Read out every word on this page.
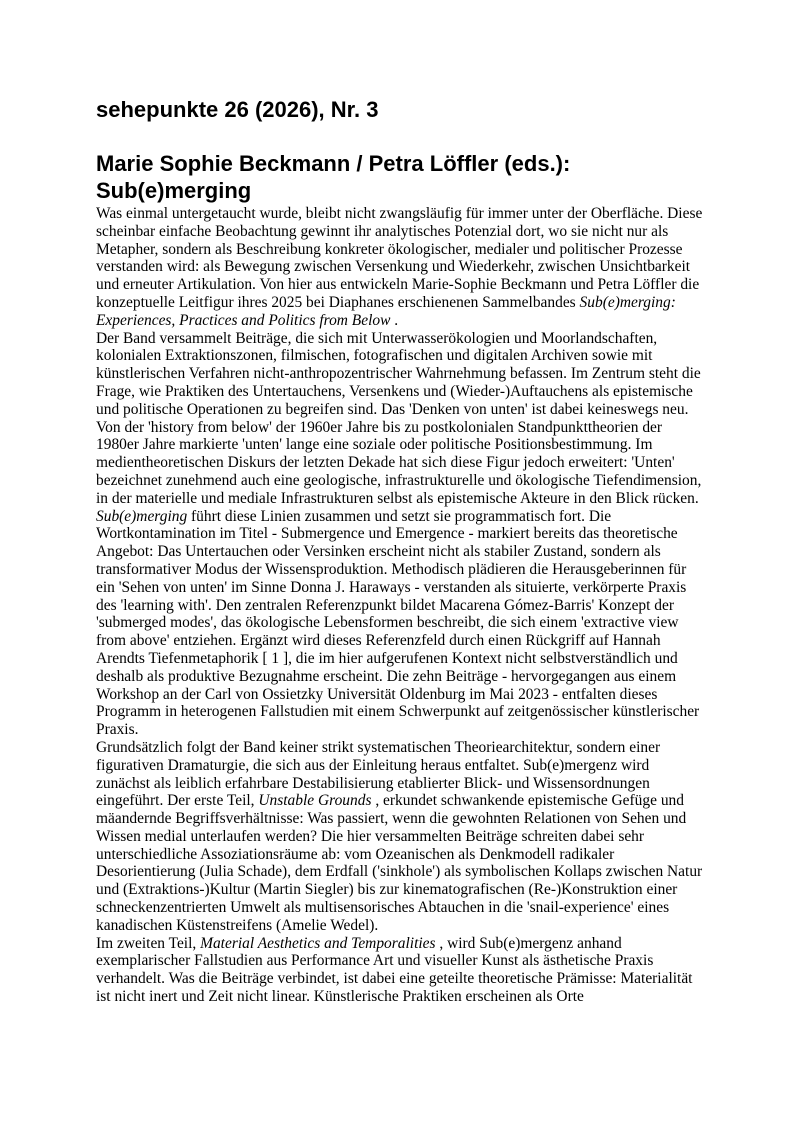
sehepunkte 26 (2026), Nr. 3
Marie Sophie Beckmann / Petra Löffler (eds.):
Sub(e)merging

Was einmal untergetaucht wurde, bleibt nicht zwangsläufig für immer unter der Oberfläche. Diese scheinbar einfache Beobachtung gewinnt ihr analytisches Potenzial dort, wo sie nicht nur als Metapher, sondern als Beschreibung konkreter ökologischer, medialer und politischer Prozesse verstanden wird: als Bewegung zwischen Versenkung und Wiederkehr, zwischen Unsichtbarkeit und erneuter Artikulation. Von hier aus entwickeln Marie-Sophie Beckmann und Petra Löffler die konzeptuelle Leitfigur ihres 2025 bei Diaphanes erschienenen Sammelbandes Sub(e)merging: Experiences, Practices and Politics from Below .

Der Band versammelt Beiträge, die sich mit Unterwasserökologien und Moorlandschaften, kolonialen Extraktionszonen, filmischen, fotografischen und digitalen Archiven sowie mit künstlerischen Verfahren nicht-anthropozentrischer Wahrnehmung befassen. Im Zentrum steht die Frage, wie Praktiken des Untertauchens, Versenkens und (Wieder-)Auftauchens als epistemische und politische Operationen zu begreifen sind. Das 'Denken von unten' ist dabei keineswegs neu. Von der 'history from below' der 1960er Jahre bis zu postkolonialen Standpunkttheorien der 1980er Jahre markierte 'unten' lange eine soziale oder politische Positionsbestimmung. Im medientheoretischen Diskurs der letzten Dekade hat sich diese Figur jedoch erweitert: 'Unten' bezeichnet zunehmend auch eine geologische, infrastrukturelle und ökologische Tiefendimension, in der materielle und mediale Infrastrukturen selbst als epistemische Akteure in den Blick rücken.

Sub(e)merging führt diese Linien zusammen und setzt sie programmatisch fort. Die Wortkontamination im Titel - Submergence und Emergence - markiert bereits das theoretische Angebot: Das Untertauchen oder Versinken erscheint nicht als stabiler Zustand, sondern als transformativer Modus der Wissensproduktion. Methodisch plädieren die Herausgeberinnen für ein 'Sehen von unten' im Sinne Donna J. Haraways - verstanden als situierte, verkörperte Praxis des 'learning with'. Den zentralen Referenzpunkt bildet Macarena Gómez-Barris' Konzept der 'submerged modes', das ökologische Lebensformen beschreibt, die sich einem 'extractive view from above' entziehen. Ergänzt wird dieses Referenzfeld durch einen Rückgriff auf Hannah Arendts Tiefenmetaphorik [ 1 ], die im hier aufgerufenen Kontext nicht selbstverständlich und deshalb als produktive Bezugnahme erscheint. Die zehn Beiträge - hervorgegangen aus einem Workshop an der Carl von Ossietzky Universität Oldenburg im Mai 2023 - entfalten dieses Programm in heterogenen Fallstudien mit einem Schwerpunkt auf zeitgenössischer künstlerischer Praxis.

Grundsätzlich folgt der Band keiner strikt systematischen Theoriearchitektur, sondern einer figurativen Dramaturgie, die sich aus der Einleitung heraus entfaltet. Sub(e)mergenz wird zunächst als leiblich erfahrbare Destabilisierung etablierter Blick- und Wissensordnungen eingeführt. Der erste Teil, Unstable Grounds , erkundet schwankende epistemische Gefüge und mäandernde Begriffsverhältnisse: Was passiert, wenn die gewohnten Relationen von Sehen und Wissen medial unterlaufen werden? Die hier versammelten Beiträge schreiten dabei sehr unterschiedliche Assoziationsräume ab: vom Ozeanischen als Denkmodell radikaler Desorientierung (Julia Schade), dem Erdfall ('sinkhole') als symbolischen Kollaps zwischen Natur und (Extraktions-)Kultur (Martin Siegler) bis zur kinematografischen (Re-)Konstruktion einer schneckenzentrierten Umwelt als multisensorisches Abtauchen in die 'snail-experience' eines kanadischen Küstenstreifens (Amelie Wedel).

Im zweiten Teil, Material Aesthetics and Temporalities , wird Sub(e)mergenz anhand exemplarischer Fallstudien aus Performance Art und visueller Kunst als ästhetische Praxis verhandelt. Was die Beiträge verbindet, ist dabei eine geteilte theoretische Prämisse: Materialität ist nicht inert und Zeit nicht linear. Künstlerische Praktiken erscheinen als Orte
